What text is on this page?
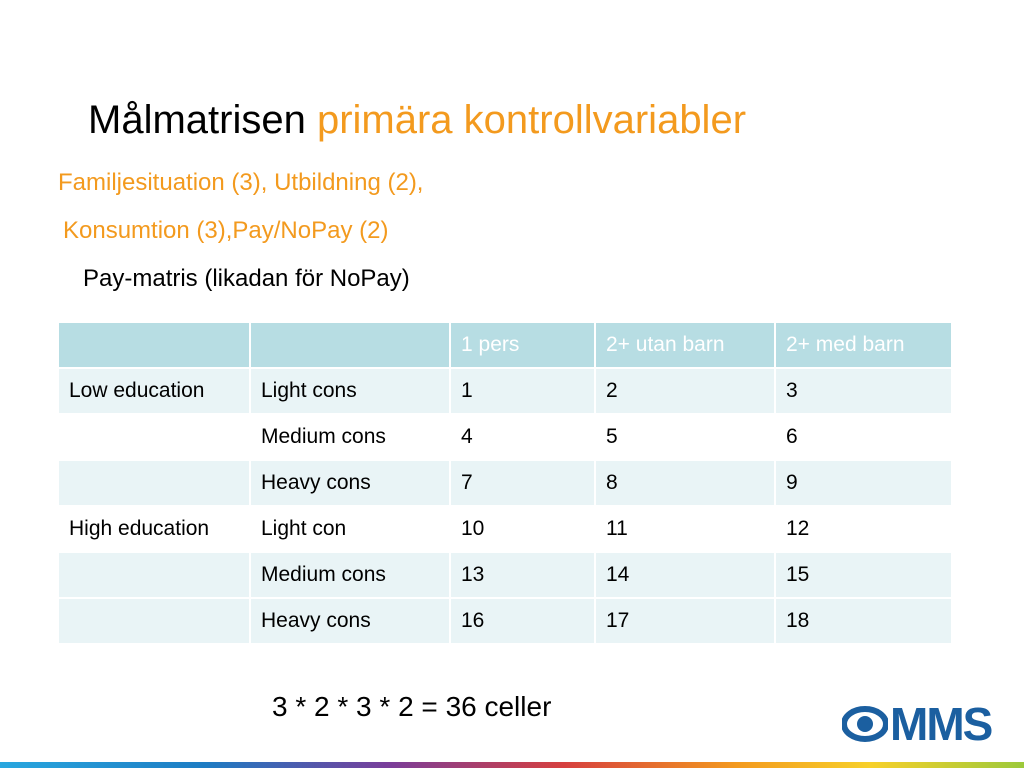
Målmatrisen primära kontrollvariabler
Familjesituation (3), Utbildning (2),
Konsumtion (3),Pay/NoPay (2)
Pay-matris (likadan för NoPay)
		1 pers	2+ utan barn	2+ med barn
Low education	Light cons	1	2	3
	Medium cons	4	5	6
	Heavy cons	7	8	9
High education	Light con	10	11	12
	Medium cons	13	14	15
	Heavy cons	16	17	18
3 * 2 * 3 * 2 = 36 celler	MMS
